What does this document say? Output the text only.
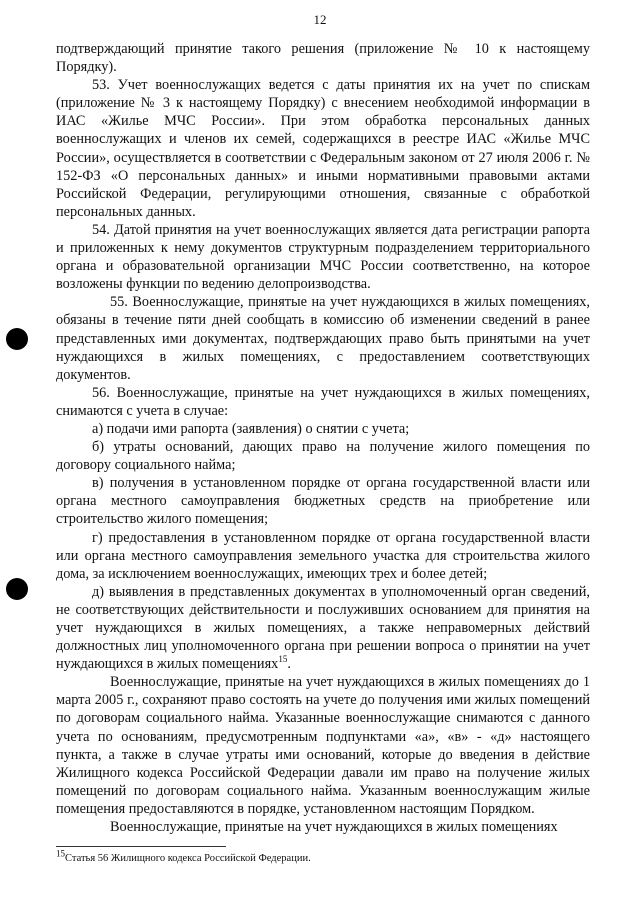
12

подтверждающий принятие такого решения (приложение № 10 к настоящему Порядку).

53. Учет военнослужащих ведется с даты принятия их на учет по спискам (приложение № 3 к настоящему Порядку) с внесением необходимой информации в ИАС «Жилье МЧС России». При этом обработка персональных данных военнослужащих и членов их семей, содержащихся в реестре ИАС «Жилье МЧС России», осуществляется в соответствии с Федеральным законом от 27 июля 2006 г. № 152-ФЗ «О персональных данных» и иными нормативными правовыми актами Российской Федерации, регулирующими отношения, связанные с обработкой персональных данных.

54. Датой принятия на учет военнослужащих является дата регистрации рапорта и приложенных к нему документов структурным подразделением территориального органа и образовательной организации МЧС России соответственно, на которое возложены функции по ведению делопроизводства.

55. Военнослужащие, принятые на учет нуждающихся в жилых помещениях, обязаны в течение пяти дней сообщать в комиссию об изменении сведений в ранее представленных ими документах, подтверждающих право быть принятыми на учет нуждающихся в жилых помещениях, с предоставлением соответствующих документов.

56. Военнослужащие, принятые на учет нуждающихся в жилых помещениях, снимаются с учета в случае:

а) подачи ими рапорта (заявления) о снятии с учета;

б) утраты оснований, дающих право на получение жилого помещения по договору социального найма;

в) получения в установленном порядке от органа государственной власти или органа местного самоуправления бюджетных средств на приобретение или строительство жилого помещения;

г) предоставления в установленном порядке от органа государственной власти или органа местного самоуправления земельного участка для строительства жилого дома, за исключением военнослужащих, имеющих трех и более детей;

д) выявления в представленных документах в уполномоченный орган сведений, не соответствующих действительности и послуживших основанием для принятия на учет нуждающихся в жилых помещениях, а также неправомерных действий должностных лиц уполномоченного органа при решении вопроса о принятии на учет нуждающихся в жилых помещениях$^{15}$.

Военнослужащие, принятые на учет нуждающихся в жилых помещениях до 1 марта 2005 г., сохраняют право состоять на учете до получения ими жилых помещений по договорам социального найма. Указанные военнослужащие снимаются с данного учета по основаниям, предусмотренным подпунктами «а», «в» - «д» настоящего пункта, а также в случае утраты ими оснований, которые до введения в действие Жилищного кодекса Российской Федерации давали им право на получение жилых помещений по договорам социального найма. Указанным военнослужащим жилые помещения предоставляются в порядке, установленном настоящим Порядком.

Военнослужащие, принятые на учет нуждающихся в жилых помещениях

$^{15}$Статья 56 Жилищного кодекса Российской Федерации.
